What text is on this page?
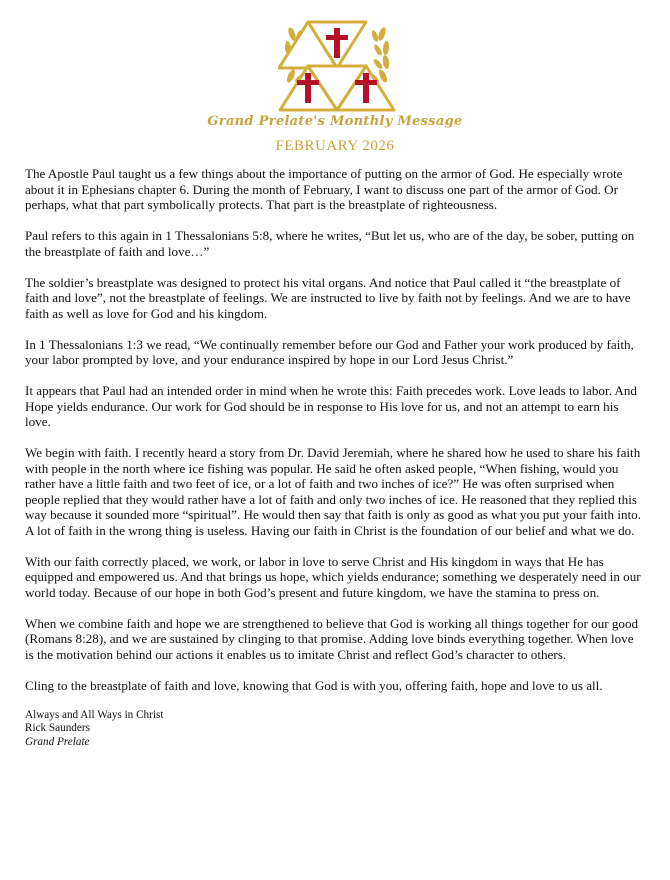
Grand Prelate's Monthly Message
FEBRUARY 2026

The Apostle Paul taught us a few things about the importance of putting on the armor of God. He especially wrote about it in Ephesians chapter 6. During the month of February, I want to discuss one part of the armor of God. Or perhaps, what that part symbolically protects. That part is the breastplate of righteousness.

Paul refers to this again in 1 Thessalonians 5:8, where he writes, “But let us, who are of the day, be sober, putting on the breastplate of faith and love…”

The soldier’s breastplate was designed to protect his vital organs. And notice that Paul called it “the breastplate of faith and love”, not the breastplate of feelings. We are instructed to live by faith not by feelings. And we are to have faith as well as love for God and his kingdom.

In 1 Thessalonians 1:3 we read, “We continually remember before our God and Father your work produced by faith, your labor prompted by love, and your endurance inspired by hope in our Lord Jesus Christ.”

It appears that Paul had an intended order in mind when he wrote this: Faith precedes work. Love leads to labor. And Hope yields endurance. Our work for God should be in response to His love for us, and not an attempt to earn his love.

We begin with faith. I recently heard a story from Dr. David Jeremiah, where he shared how he used to share his faith with people in the north where ice fishing was popular. He said he often asked people, “When fishing, would you rather have a little faith and two feet of ice, or a lot of faith and two inches of ice?” He was often surprised when people replied that they would rather have a lot of faith and only two inches of ice. He reasoned that they replied this way because it sounded more “spiritual”. He would then say that faith is only as good as what you put your faith into. A lot of faith in the wrong thing is useless. Having our faith in Christ is the foundation of our belief and what we do.

With our faith correctly placed, we work, or labor in love to serve Christ and His kingdom in ways that He has equipped and empowered us. And that brings us hope, which yields endurance; something we desperately need in our world today. Because of our hope in both God’s present and future kingdom, we have the stamina to press on.

When we combine faith and hope we are strengthened to believe that God is working all things together for our good (Romans 8:28), and we are sustained by clinging to that promise. Adding love binds everything together. When love is the motivation behind our actions it enables us to imitate Christ and reflect God’s character to others.

Cling to the breastplate of faith and love, knowing that God is with you, offering faith, hope and love to us all.

Always and All Ways in Christ
Rick Saunders
Grand Prelate
